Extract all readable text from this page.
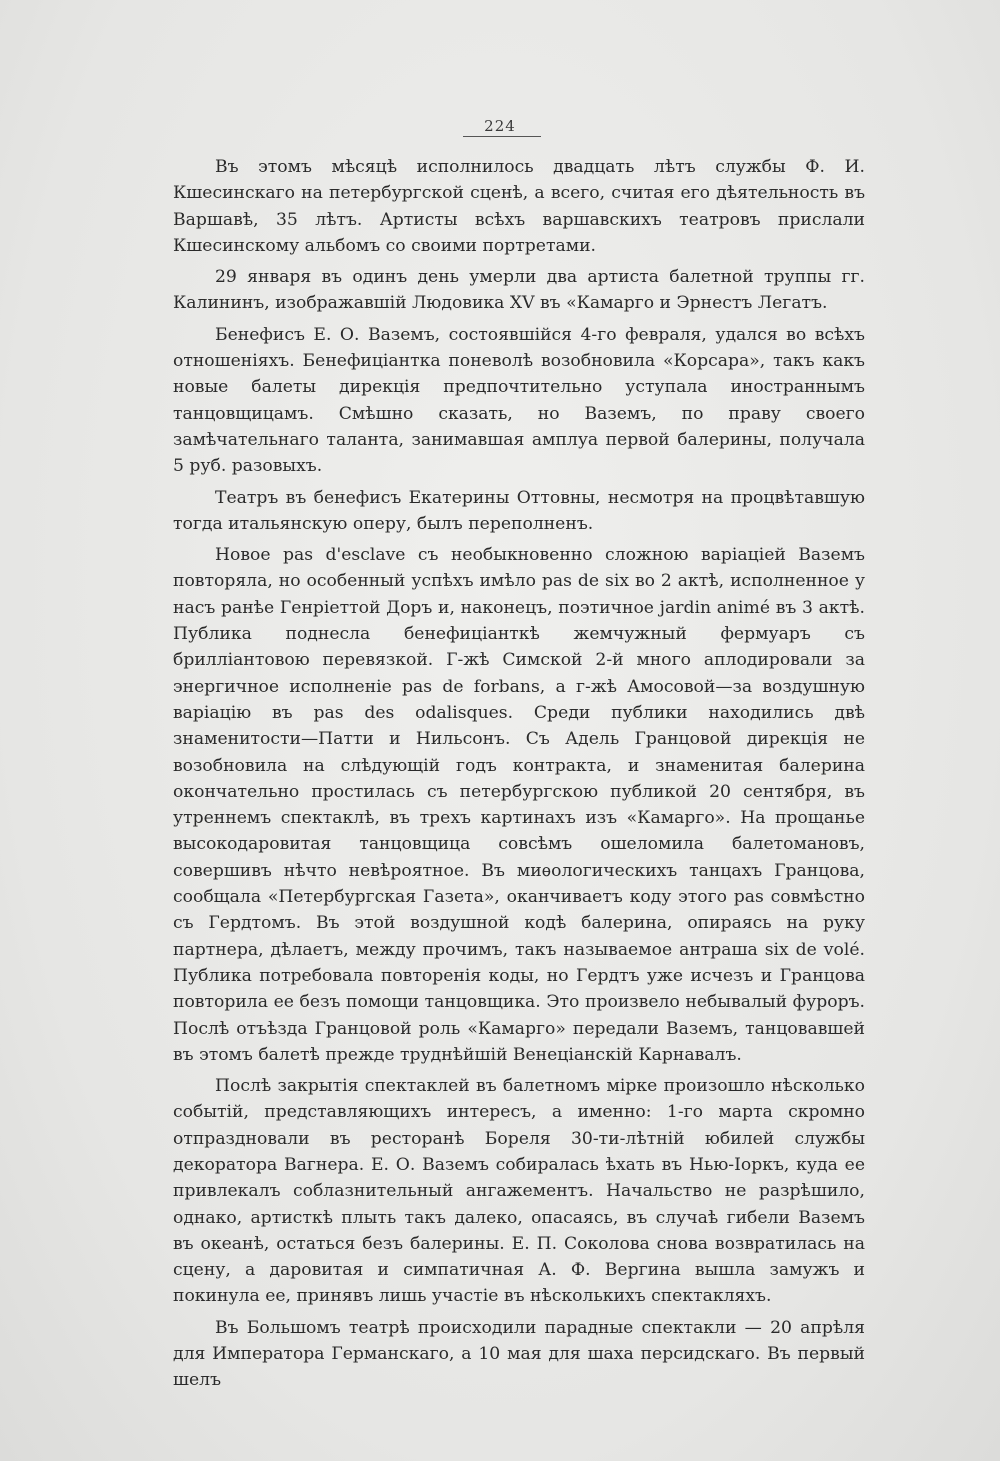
224

Въ этомъ мѣсяцѣ исполнилось двадцать лѣтъ службы Ф. И. Кшесинскаго на петербургской сценѣ, а всего, считая его дѣятельность въ Варшавѣ, 35 лѣтъ. Артисты всѣхъ варшавскихъ театровъ прислали Кшесинскому альбомъ со своими портретами.

29 января въ одинъ день умерли два артиста балетной труппы гг. Калининъ, изображавшій Людовика XV въ «Камарго и Эрнестъ Легатъ.

Бенефисъ Е. О. Ваземъ, состоявшійся 4-го февраля, удался во всѣхъ отношеніяхъ. Бенефиціантка поневолѣ возобновила «Корсара», такъ какъ новые балеты дирекція предпочтительно уступала иностраннымъ танцовщицамъ. Смѣшно сказать, но Ваземъ, по праву своего замѣчательнаго таланта, занимавшая амплуа первой балерины, получала 5 руб. разовыхъ.

Театръ въ бенефисъ Екатерины Оттовны, несмотря на процвѣтавшую тогда итальянскую оперу, былъ переполненъ.

Новое pas d'esclave съ необыкновенно сложною варіацiей Ваземъ повторяла, но особенный успѣхъ имѣло pas de six во 2 актѣ, исполненное у насъ ранѣе Генріеттой Доръ и, наконецъ, поэтичное jardin animé въ 3 актѣ. Публика поднесла бенефиціанткѣ жемчужный фермуаръ съ бриллiантовою перевязкой. Г-жѣ Симской 2-й много аплодировали за энергичное исполненіе pas de forbans, а г-жѣ Амосовой—за воздушную варiацiю въ pas des odalisques. Среди публики находились двѣ знаменитости—Патти и Нильсонъ. Съ Адель Гранцовой дирекція не возобновила на слѣдующій годъ контракта, и знаменитая балерина окончательно простилась съ петербургскою публикой 20 сентября, въ утреннемъ спектаклѣ, въ трехъ картинахъ изъ «Камарго». На прощанье высокодаровитая танцовщица совсѣмъ ошеломила балетомановъ, совершивъ нѣчто невѣроятное. Въ миѳологическихъ танцахъ Гранцова, сообщала «Петербургская Газета», оканчиваетъ коду этого pas совмѣстно съ Гердтомъ. Въ этой воздушной кодѣ балерина, опираясь на руку партнера, дѣлаетъ, между прочимъ, такъ называемое антраша six de volé. Публика потребовала повторенія коды, но Гердтъ уже исчезъ и Гранцова повторила ее безъ помощи танцовщика. Это произвело небывалый фуроръ. Послѣ отъѣзда Гранцовой роль «Камарго» передали Ваземъ, танцовавшей въ этомъ балетѣ прежде труднѣйшій Венеціанскій Карнавалъ.

Послѣ закрытія спектаклей въ балетномъ мірке произошло нѣсколько событій, представляющихъ интересъ, а именно: 1-го марта скромно отпраздновали въ ресторанѣ Бореля 30-ти-лѣтній юбилей службы декоратора Вагнера. Е. О. Ваземъ собиралась ѣхать въ Нью-Іоркъ, куда ее привлекалъ соблазнительный ангажементъ. Начальство не разрѣшило, однако, артисткѣ плыть такъ далеко, опасаясь, въ случаѣ гибели Ваземъ въ океанѣ, остаться безъ балерины. Е. П. Соколова снова возвратилась на сцену, а даровитая и симпатичная А. Ф. Вергина вышла замужъ и покинула ее, принявъ лишь участіе въ нѣсколькихъ спектакляхъ.

Въ Большомъ театрѣ происходили парадные спектакли — 20 апрѣля для Императора Германскаго, а 10 мая для шаха персидскаго. Въ первый шелъ
